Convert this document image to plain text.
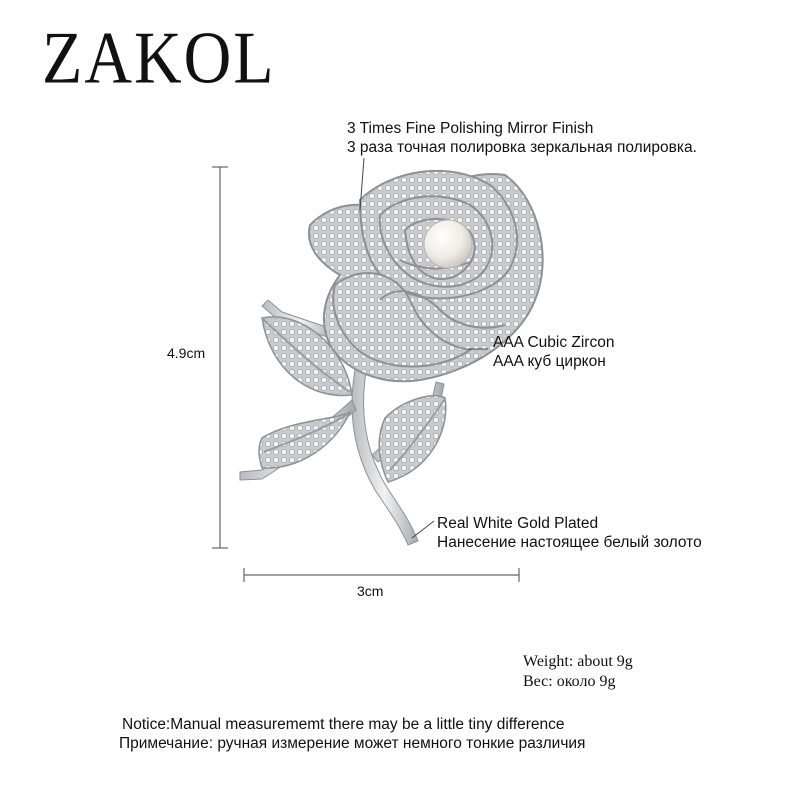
ZAKOL
3 Times Fine Polishing Mirror Finish
3 раза точная полировка зеркальная полировка.
AAA Cubic Zircon
AAA куб циркон
Real White Gold Plated
Нанесение настоящее белый золото
4.9cm
3cm
Weight: about 9g
Вес: около 9g
Notice:Manual measurememt there may be a little tiny difference
Примечание: ручная измерение может немного тонкие различия
